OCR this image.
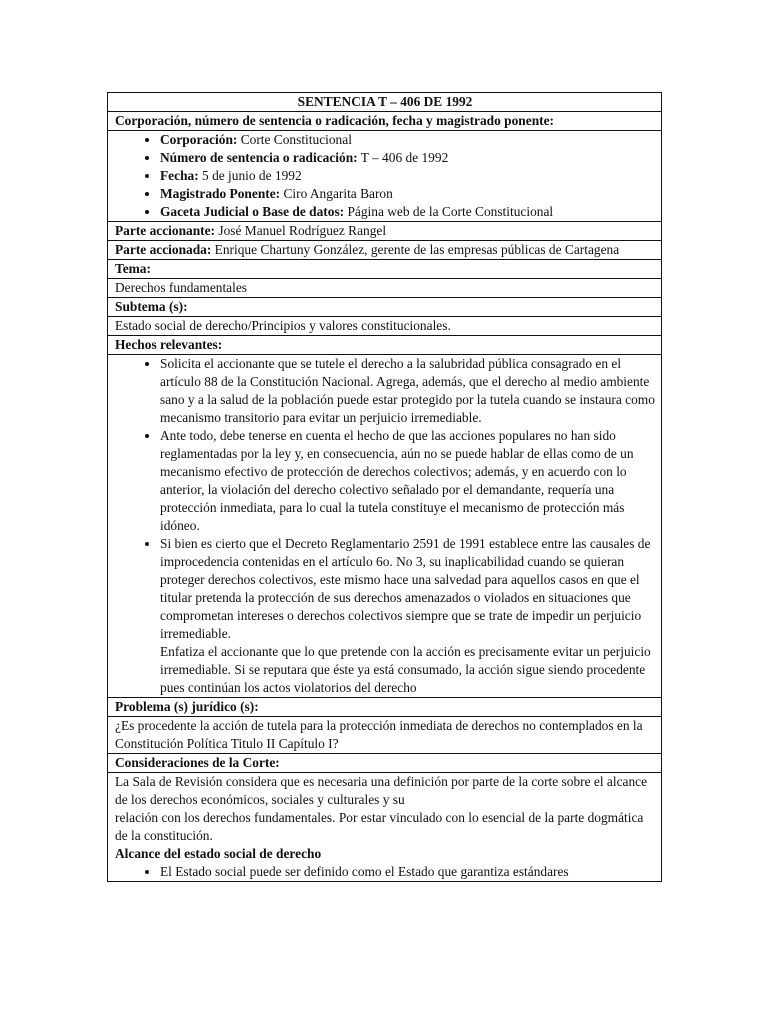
SENTENCIA T – 406 DE 1992
Corporación, número de sentencia o radicación, fecha y magistrado ponente:

• Corporación: Corte Constitucional
• Número de sentencia o radicación: T – 406 de 1992
• Fecha: 5 de junio de 1992
• Magistrado Ponente: Ciro Angarita Baron
• Gaceta Judicial o Base de datos: Página web de la Corte Constitucional

Parte accionante: José Manuel Rodríguez Rangel
Parte accionada: Enrique Chartuny González, gerente de las empresas públicas de Cartagena
Tema:
Derechos fundamentales
Subtema (s):
Estado social de derecho/Principios y valores constitucionales.
Hechos relevantes:

• Solicita el accionante que se tutele el derecho a la salubridad pública consagrado en el artículo 88 de la Constitución Nacional. Agrega, además, que el derecho al medio ambiente sano y a la salud de la población puede estar protegido por la tutela cuando se instaura como mecanismo transitorio para evitar un perjuicio irremediable.
• Ante todo, debe tenerse en cuenta el hecho de que las acciones populares no han sido reglamentadas por la ley y, en consecuencia, aún no se puede hablar de ellas como de un mecanismo efectivo de protección de derechos colectivos; además, y en acuerdo con lo anterior, la violación del derecho colectivo señalado por el demandante, requería una protección inmediata, para lo cual la tutela constituye el mecanismo de protección más idóneo.
• Si bien es cierto que el Decreto Reglamentario 2591 de 1991 establece entre las causales de improcedencia contenidas en el artículo 6o. No 3, su inaplicabilidad cuando se quieran proteger derechos colectivos, este mismo hace una salvedad para aquellos casos en que el titular pretenda la protección de sus derechos amenazados o violados en situaciones que comprometan intereses o derechos colectivos siempre que se trate de impedir un perjuicio irremediable.
Enfatiza el accionante que lo que pretende con la acción es precisamente evitar un perjuicio irremediable. Si se reputara que éste ya está consumado, la acción sigue siendo procedente pues continúan los actos violatorios del derecho

Problema (s) jurídico (s):
¿Es procedente la acción de tutela para la protección inmediata de derechos no contemplados en la Constitución Política Titulo II Capítulo I?
Consideraciones de la Corte:

La Sala de Revisión considera que es necesaria una definición por parte de la corte sobre el alcance de los derechos económicos, sociales y culturales y su
relación con los derechos fundamentales. Por estar vinculado con lo esencial de la parte dogmática de la constitución.
Alcance del estado social de derecho
• El Estado social puede ser definido como el Estado que garantiza estándares
